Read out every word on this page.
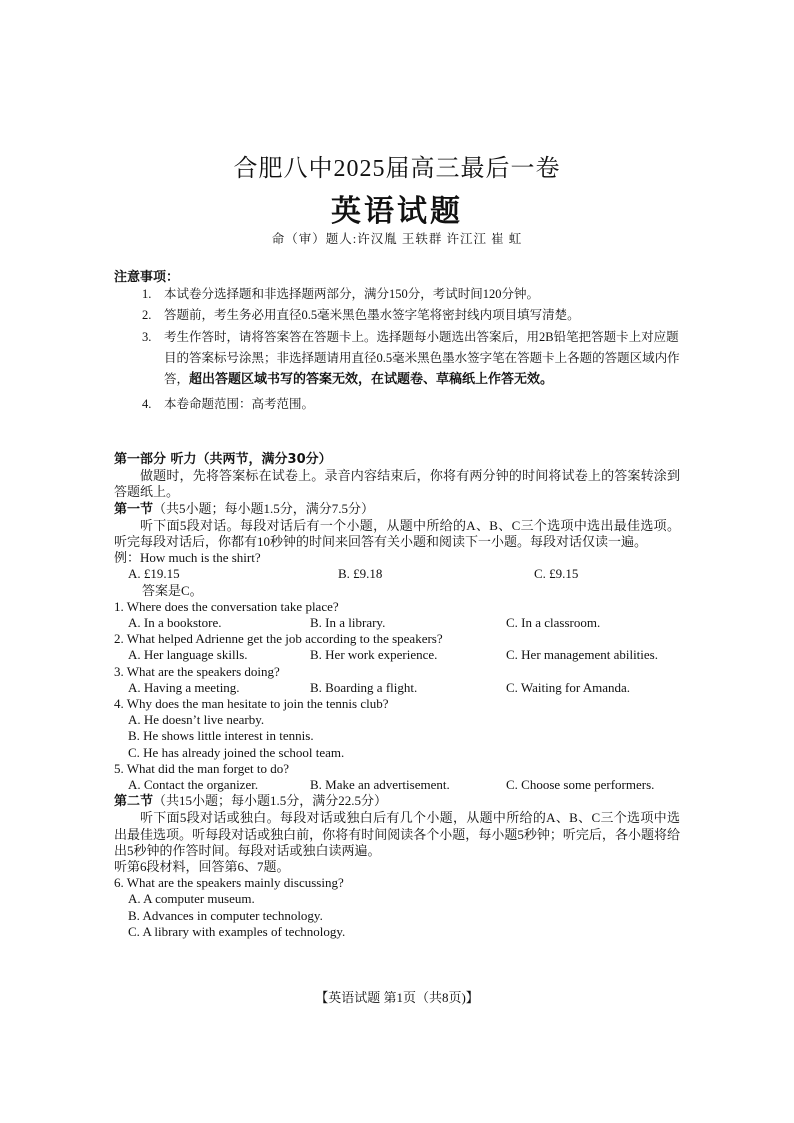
合肥八中2025届高三最后一卷
英语试题
命（审）题人:许汉胤 王轶群 许江江 崔 虹
注意事项：

1. 本试卷分选择题和非选择题两部分，满分150分，考试时间120分钟。

2. 答题前，考生务必用直径0.5毫米黑色墨水签字笔将密封线内项目填写清楚。

3. 考生作答时，请将答案答在答题卡上。选择题每小题选出答案后，用2B铅笔把答题卡上对应题目的答案标号涂黑；非选择题请用直径0.5毫米黑色墨水签字笔在答题卡上各题的答题区域内作答，超出答题区域书写的答案无效，在试题卷、草稿纸上作答无效。

4. 本卷命题范围：高考范围。

第一部分 听力（共两节，满分30分）

做题时，先将答案标在试卷上。录音内容结束后，你将有两分钟的时间将试卷上的答案转涂到答题纸上。

第一节（共5小题；每小题1.5分，满分7.5分）

听下面5段对话。每段对话后有一个小题，从题中所给的A、B、C三个选项中选出最佳选项。听完每段对话后，你都有10秒钟的时间来回答有关小题和阅读下一小题。每段对话仅读一遍。

例：How much is the shirt?

A. £19.15	B. £9.18	C. £9.15

答案是C。

1. Where does the conversation take place?

A. In a bookstore.	B. In a library.	C. In a classroom.

2. What helped Adrienne get the job according to the speakers?

A. Her language skills.	B. Her work experience.	C. Her management abilities.

3. What are the speakers doing?

A. Having a meeting.	B. Boarding a flight.	C. Waiting for Amanda.

4. Why does the man hesitate to join the tennis club?

A. He doesn’t live nearby.

B. He shows little interest in tennis.

C. He has already joined the school team.

5. What did the man forget to do?

A. Contact the organizer.	B. Make an advertisement.	C. Choose some performers.

第二节（共15小题；每小题1.5分，满分22.5分）

听下面5段对话或独白。每段对话或独白后有几个小题，从题中所给的A、B、C三个选项中选出最佳选项。听每段对话或独白前，你将有时间阅读各个小题，每小题5秒钟；听完后，各小题将给出5秒钟的作答时间。每段对话或独白读两遍。

听第6段材料，回答第6、7题。

6. What are the speakers mainly discussing?

A. A computer museum.

B. Advances in computer technology.

C. A library with examples of technology.

【英语试题 第1页（共8页)】
